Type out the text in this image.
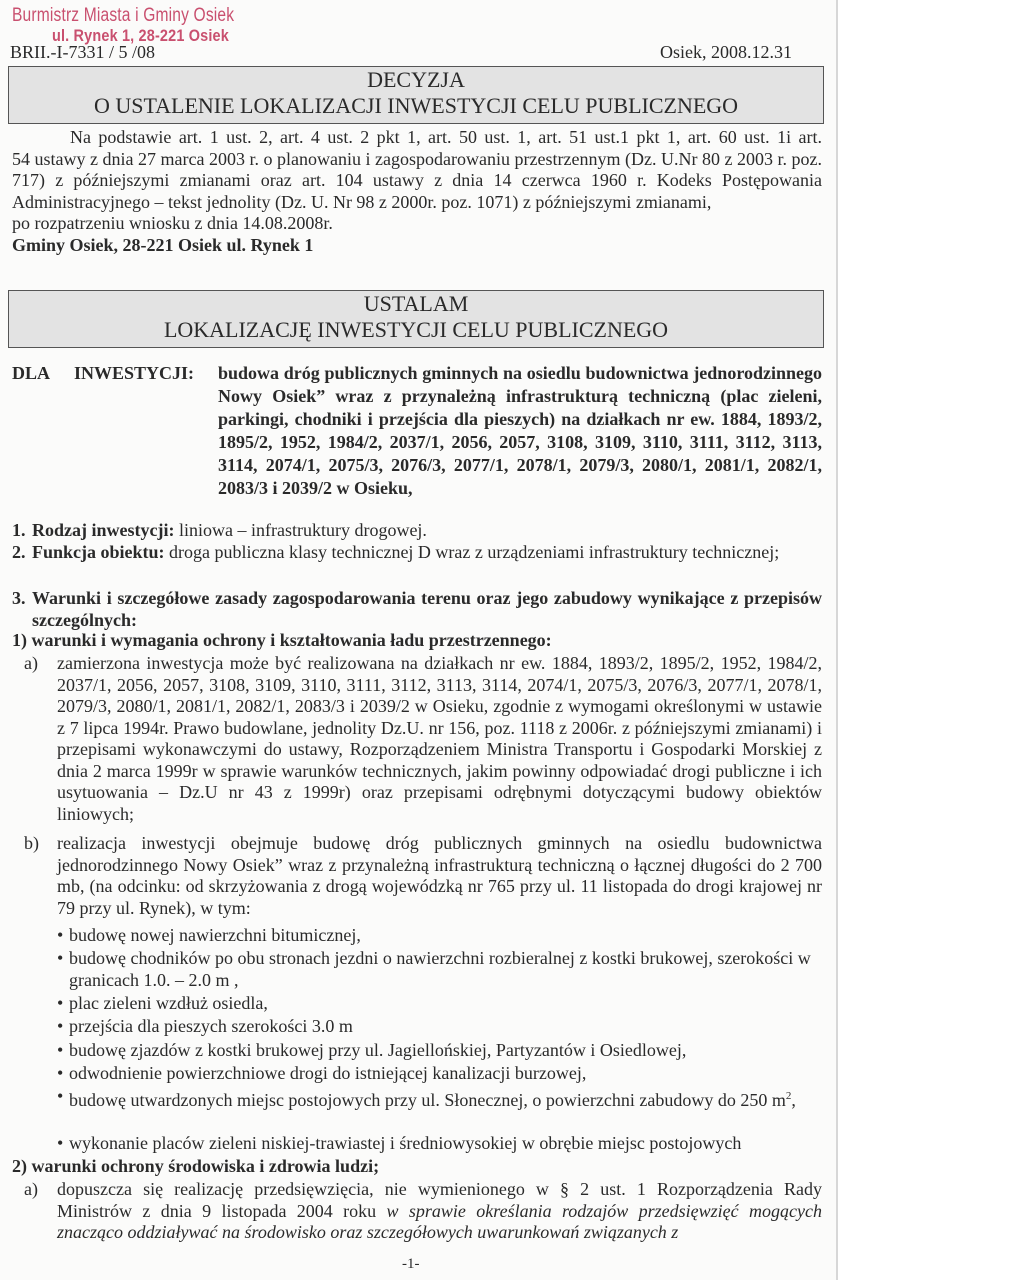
Burmistrz Miasta i Gminy Osiek
ul. Rynek 1, 28-221 Osiek
BRII.-I-7331 / 5 /08	Osiek, 2008.12.31
DECYZJA
O USTALENIE LOKALIZACJI INWESTYCJI CELU PUBLICZNEGO
Na podstawie art. 1 ust. 2, art. 4 ust. 2 pkt 1, art. 50 ust. 1, art. 51 ust.1 pkt 1, art. 60 ust. 1i art.
54 ustawy z dnia 27 marca 2003 r. o planowaniu i zagospodarowaniu przestrzennym (Dz. U.Nr 80 z 2003 r. poz. 717) z późniejszymi zmianami oraz art. 104 ustawy z dnia 14 czerwca 1960 r. Kodeks Postępowania Administracyjnego – tekst jednolity (Dz. U. Nr 98 z 2000r. poz. 1071) z późniejszymi zmianami,
po rozpatrzeniu wniosku z dnia 14.08.2008r.
Gminy Osiek, 28-221 Osiek ul. Rynek 1
USTALAM
LOKALIZACJĘ INWESTYCJI CELU PUBLICZNEGO
DLA INWESTYCJI: budowa dróg publicznych gminnych na osiedlu budownictwa jednorodzinnego Nowy Osiek” wraz z przynależną infrastrukturą techniczną (plac zieleni, parkingi, chodniki i przejścia dla pieszych) na działkach nr ew. 1884, 1893/2, 1895/2, 1952, 1984/2, 2037/1, 2056, 2057, 3108, 3109, 3110, 3111, 3112, 3113, 3114, 2074/1, 2075/3, 2076/3, 2077/1, 2078/1, 2079/3, 2080/1, 2081/1, 2082/1, 2083/3 i 2039/2 w Osieku,
1. Rodzaj inwestycji: liniowa – infrastruktury drogowej.
2. Funkcja obiektu: droga publiczna klasy technicznej D wraz z urządzeniami infrastruktury technicznej;
3. Warunki i szczegółowe zasady zagospodarowania terenu oraz jego zabudowy wynikające z przepisów szczególnych:
1) warunki i wymagania ochrony i kształtowania ładu przestrzennego:
a) zamierzona inwestycja może być realizowana na działkach nr ew. 1884, 1893/2, 1895/2, 1952, 1984/2, 2037/1, 2056, 2057, 3108, 3109, 3110, 3111, 3112, 3113, 3114, 2074/1, 2075/3, 2076/3, 2077/1, 2078/1, 2079/3, 2080/1, 2081/1, 2082/1, 2083/3 i 2039/2 w Osieku, zgodnie z wymogami określonymi w ustawie z 7 lipca 1994r. Prawo budowlane, jednolity Dz.U. nr 156, poz. 1118 z 2006r. z późniejszymi zmianami) i przepisami wykonawczymi do ustawy, Rozporządzeniem Ministra Transportu i Gospodarki Morskiej z dnia 2 marca 1999r w sprawie warunków technicznych, jakim powinny odpowiadać drogi publiczne i ich usytuowania – Dz.U nr 43 z 1999r) oraz przepisami odrębnymi dotyczącymi budowy obiektów liniowych;
b) realizacja inwestycji obejmuje budowę dróg publicznych gminnych na osiedlu budownictwa jednorodzinnego Nowy Osiek” wraz z przynależną infrastrukturą techniczną o łącznej długości do 2 700 mb, (na odcinku: od skrzyżowania z drogą wojewódzką nr 765 przy ul. 11 listopada do drogi krajowej nr 79 przy ul. Rynek), w tym:
• budowę nowej nawierzchni bitumicznej,
• budowę chodników po obu stronach jezdni o nawierzchni rozbieralnej z kostki brukowej, szerokości w granicach 1.0. – 2.0 m ,
• plac zieleni wzdłuż osiedla,
• przejścia dla pieszych szerokości 3.0 m
• budowę zjazdów z kostki brukowej przy ul. Jagiellońskiej, Partyzantów i Osiedlowej,
• odwodnienie powierzchniowe drogi do istniejącej kanalizacji burzowej,
• budowę utwardzonych miejsc postojowych przy ul. Słonecznej, o powierzchni zabudowy do 250 $m^2$,
• wykonanie placów zieleni niskiej-trawiastej i średniowysokiej w obrębie miejsc postojowych
2) warunki ochrony środowiska i zdrowia ludzi;
a) dopuszcza się realizację przedsięwzięcia, nie wymienionego w § 2 ust. 1 Rozporządzenia Rady Ministrów z dnia 9 listopada 2004 roku w sprawie określania rodzajów przedsięwzięć mogących znacząco oddziaływać na środowisko oraz szczegółowych uwarunkowań związanych z
-1-
